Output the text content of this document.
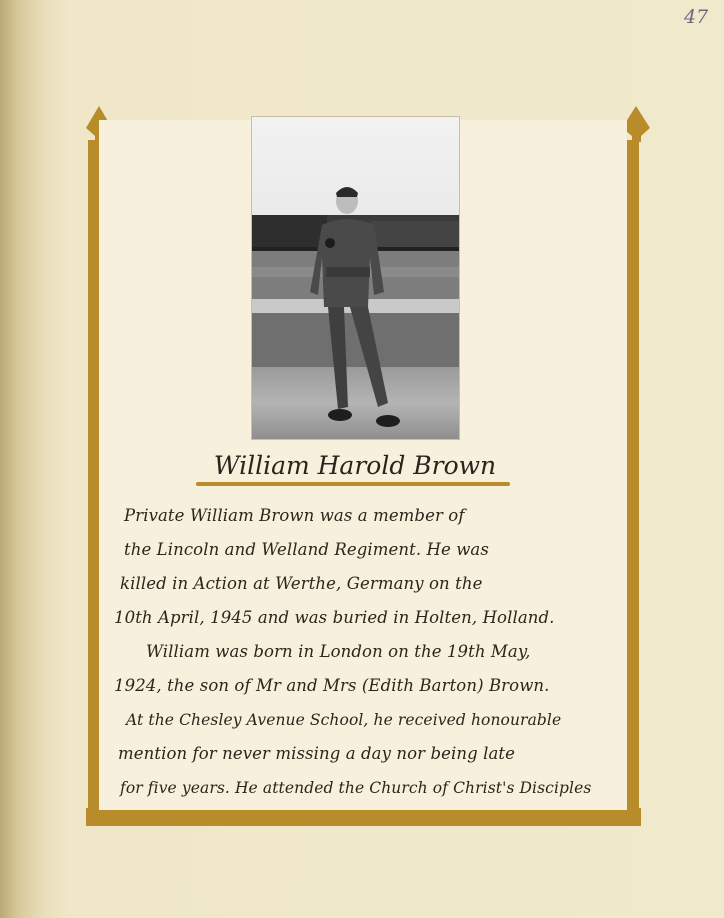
47
William Harold Brown
Private William Brown was a member of
the Lincoln and Welland Regiment. He was
killed in Action at Werthe, Germany on the
10th April, 1945 and was buried in Holten, Holland.
William was born in London on the 19th May,
1924, the son of Mr and Mrs (Edith Barton) Brown.
At the Chesley Avenue School, he received honourable
mention for never missing a day nor being late
for five years. He attended the Church of Christ's Disciples
